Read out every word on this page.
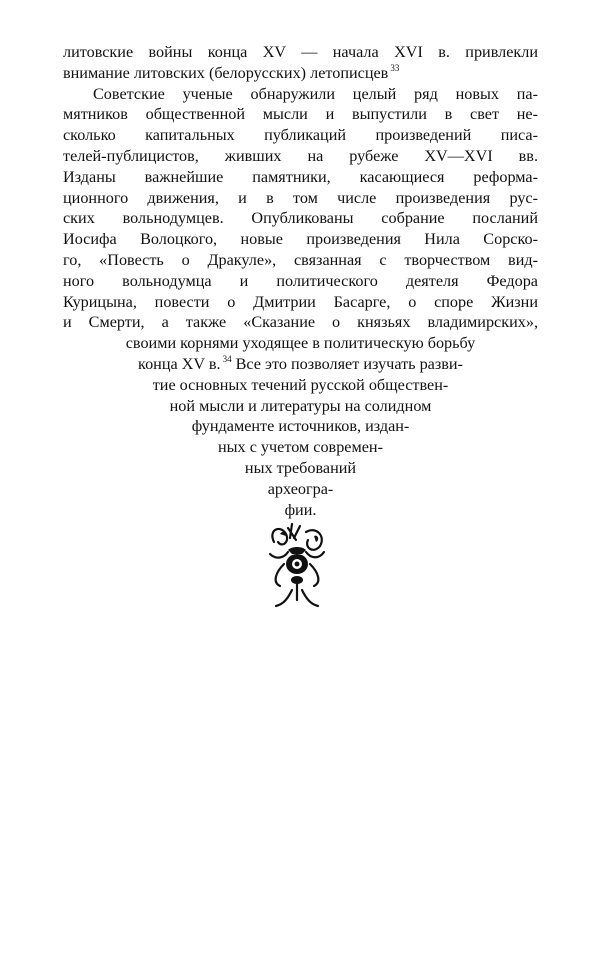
литовские войны конца XV — начала XVI в. привлекли
внимание литовских (белорусских) летописцев $^{33}$
Советские ученые обнаружили целый ряд новых па-
мятников общественной мысли и выпустили в свет не-
сколько капитальных публикаций произведений писа-
телей-публицистов, живших на рубеже XV—XVI вв.
Изданы важнейшие памятники, касающиеся реформа-
ционного движения, и в том числе произведения рус-
ских вольнодумцев. Опубликованы собрание посланий
Иосифа Волоцкого, новые произведения Нила Сорско-
го, «Повесть о Дракуле», связанная с творчеством вид-
ного вольнодумца и политического деятеля Федора
Курицына, повести о Дмитрии Басарге, о споре Жизни
и Смерти, а также «Сказание о князьях владимирских»,
своими корнями уходящее в политическую борьбу
конца XV в. $^{34}$ Все это позволяет изучать разви-
тие основных течений русской обществен-
ной мысли и литературы на солидном
фундаменте источников, издан-
ных с учетом современ-
ных требований
археогра-
фии.
